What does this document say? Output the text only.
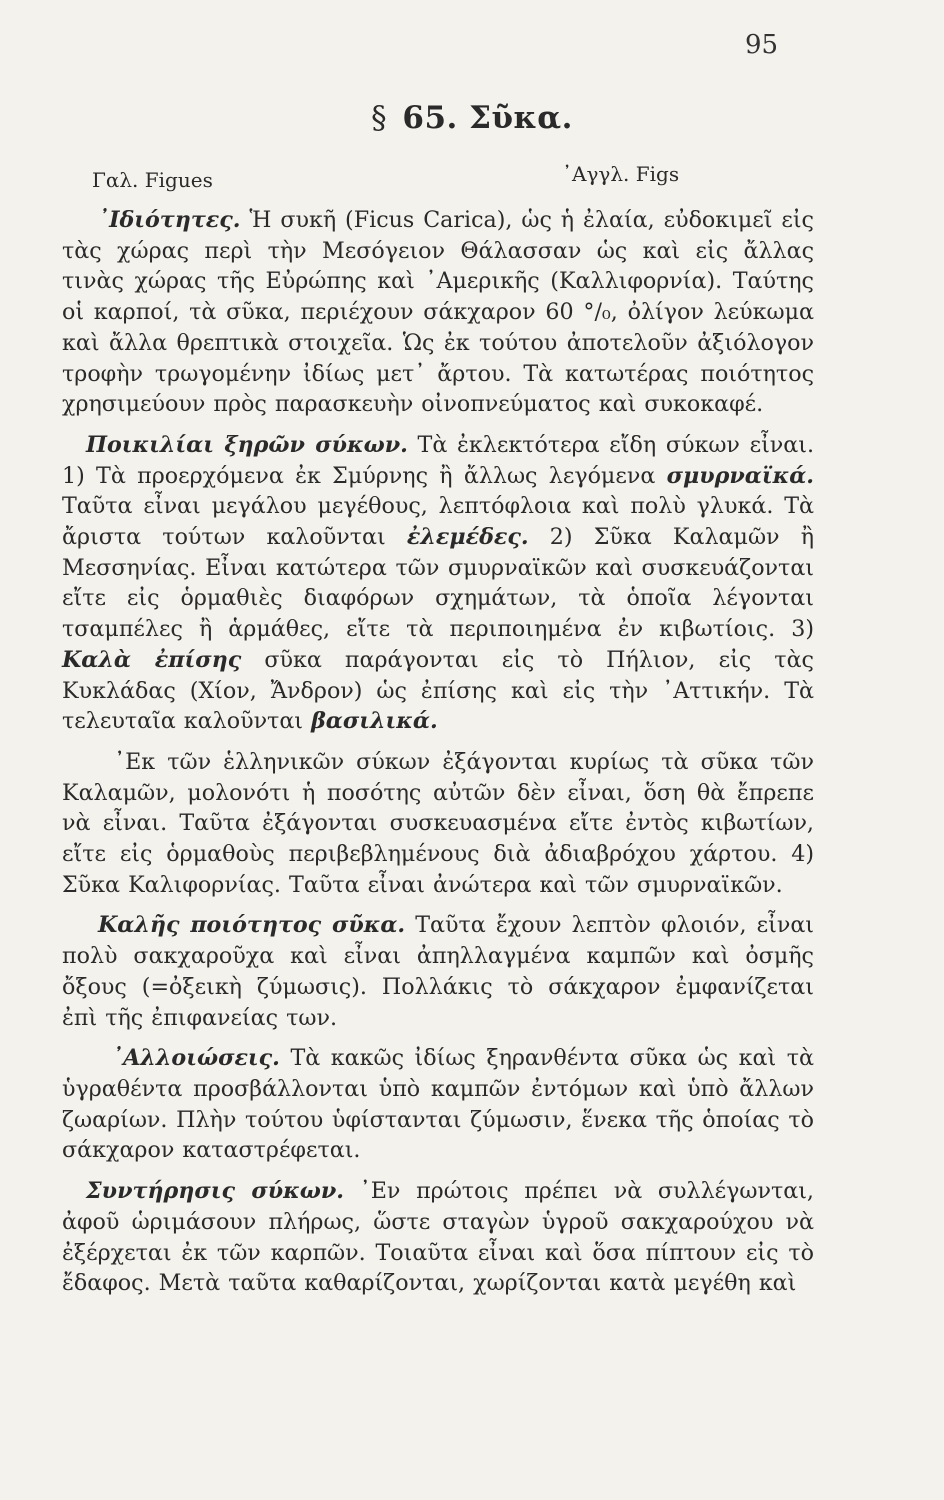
95
§ 65. Σῦκα.
Γαλ. Figues	᾿Αγγλ. Figs

᾿Ιδιότητες. Ἡ συκῆ (Ficus Carica), ὡς ἡ ἐλαία, εὐδοκιμεῖ εἰς τὰς χώρας περὶ τὴν Μεσόγειον Θάλασσαν ὡς καὶ εἰς ἄλλας τινὰς χώρας τῆς Εὐρώπης καὶ ᾿Αμερικῆς (Καλλιφορνία). Ταύτης οἱ καρποί, τὰ σῦκα, περιέχουν σάκχαρον 60 °/₀, ὀλίγον λεύκωμα καὶ ἄλλα θρεπτικὰ στοιχεῖα. Ὡς ἐκ τούτου ἀποτελοῦν ἀξιόλογον τροφὴν τρωγομένην ἰδίως μετ᾿ ἄρτου. Τὰ κατωτέρας ποιότητος χρησιμεύουν πρὸς παρασκευὴν οἰνοπνεύματος καὶ συκοκαφέ.

Ποικιλίαι ξηρῶν σύκων. Τὰ ἐκλεκτότερα εἴδη σύκων εἶναι. 1) Τὰ προερχόμενα ἐκ Σμύρνης ἢ ἄλλως λεγόμενα σμυρναϊκά. Ταῦτα εἶναι μεγάλου μεγέθους, λεπτόφλοια καὶ πολὺ γλυκά. Τὰ ἄριστα τούτων καλοῦνται ἐλεμέδες. 2) Σῦκα Καλαμῶν ἢ Μεσσηνίας. Εἶναι κατώτερα τῶν σμυρναϊκῶν καὶ συσκευάζονται εἴτε εἰς ὁρμαθιὲς διαφόρων σχημάτων, τὰ ὁποῖα λέγονται τσαμπέλες ἢ ἁρμάθες, εἴτε τὰ περιποιημένα ἐν κιβωτίοις. 3) Καλὰ ἐπίσης σῦκα παράγονται εἰς τὸ Πήλιον, εἰς τὰς Κυκλάδας (Χίον, Ἄνδρον) ὡς ἐπίσης καὶ εἰς τὴν ᾿Αττικήν. Τὰ τελευταῖα καλοῦνται βασιλικά.

᾿Εκ τῶν ἑλληνικῶν σύκων ἐξάγονται κυρίως τὰ σῦκα τῶν Καλαμῶν, μολονότι ἡ ποσότης αὐτῶν δὲν εἶναι, ὅση θὰ ἔπρεπε νὰ εἶναι. Ταῦτα ἐξάγονται συσκευασμένα εἴτε ἐντὸς κιβωτίων, εἴτε εἰς ὁρμαθοὺς περιβεβλημένους διὰ ἀδιαβρόχου χάρτου. 4) Σῦκα Καλιφορνίας. Ταῦτα εἶναι ἀνώτερα καὶ τῶν σμυρναϊκῶν.

Καλῆς ποιότητος σῦκα. Ταῦτα ἔχουν λεπτὸν φλοιόν, εἶναι πολὺ σακχαροῦχα καὶ εἶναι ἀπηλλαγμένα καμπῶν καὶ ὀσμῆς ὄξους (=ὀξεικὴ ζύμωσις). Πολλάκις τὸ σάκχαρον ἐμφανίζεται ἐπὶ τῆς ἐπιφανείας των.

᾿Αλλοιώσεις. Τὰ κακῶς ἰδίως ξηρανθέντα σῦκα ὡς καὶ τὰ ὑγραθέντα προσβάλλονται ὑπὸ καμπῶν ἐντόμων καὶ ὑπὸ ἄλλων ζωαρίων. Πλὴν τούτου ὑφίστανται ζύμωσιν, ἕνεκα τῆς ὁποίας τὸ σάκχαρον καταστρέφεται.

Συντήρησις σύκων. ᾿Εν πρώτοις πρέπει νὰ συλλέγωνται, ἀφοῦ ὡριμάσουν πλήρως, ὥστε σταγὼν ὑγροῦ σακχαρούχου νὰ ἐξέρχεται ἐκ τῶν καρπῶν. Τοιαῦτα εἶναι καὶ ὅσα πίπτουν εἰς τὸ ἔδαφος. Μετὰ ταῦτα καθαρίζονται, χωρίζονται κατὰ μεγέθη καὶ
